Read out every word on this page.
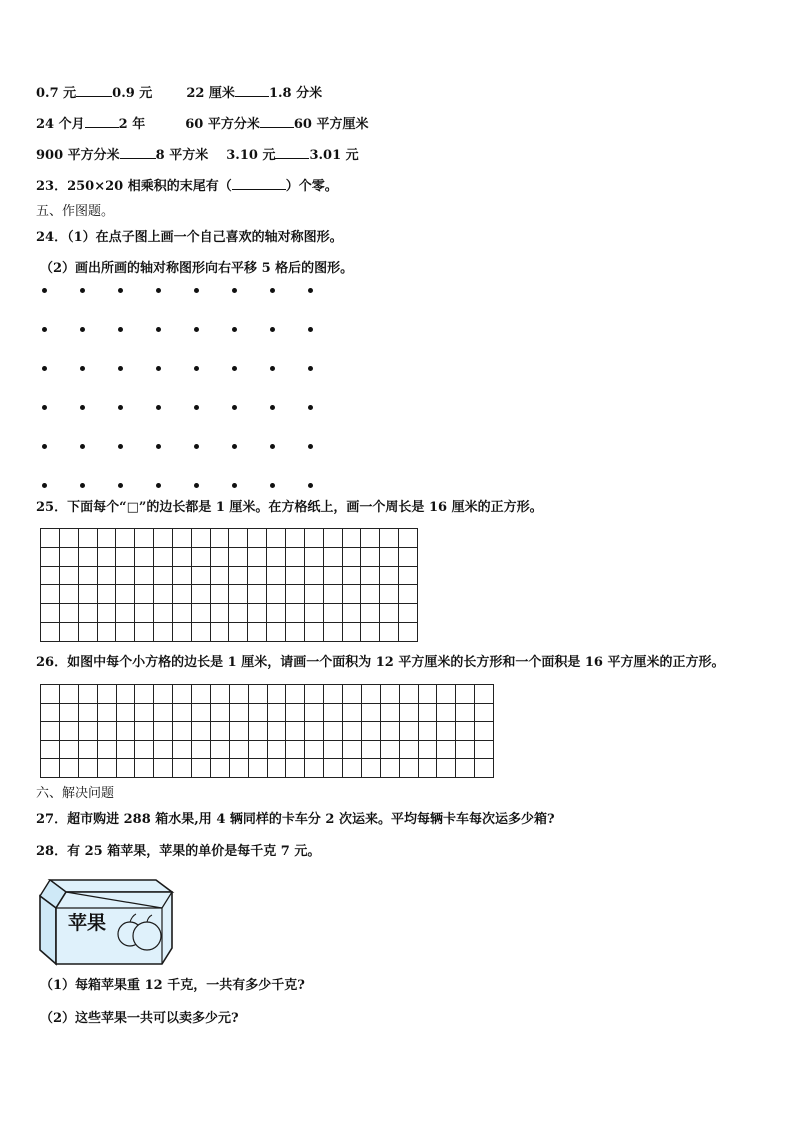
0.7 元	0.9 元	22 厘米	1.8 分米
24 个月	2 年	60 平方分米	60 平方厘米
900 平方分米	8 平方米 3.10 元	3.01 元
23．250×20 相乘积的末尾有（	）个零。
五、作图题。
24．（1）在点子图上画一个自己喜欢的轴对称图形。
（2）画出所画的轴对称图形向右平移 5 格后的图形。
25．下面每个“□”的边长都是 1 厘米。在方格纸上，画一个周长是 16 厘米的正方形。

26．如图中每个小方格的边长是 1 厘米，请画一个面积为 12 平方厘米的长方形和一个面积是 16 平方厘米的正方形。

六、解决问题
27．超市购进 288 箱水果,用 4 辆同样的卡车分 2 次运来。平均每辆卡车每次运多少箱?
28．有 25 箱苹果，苹果的单价是每千克 7 元。
苹果
（1）每箱苹果重 12 千克，一共有多少千克?
（2）这些苹果一共可以卖多少元?
